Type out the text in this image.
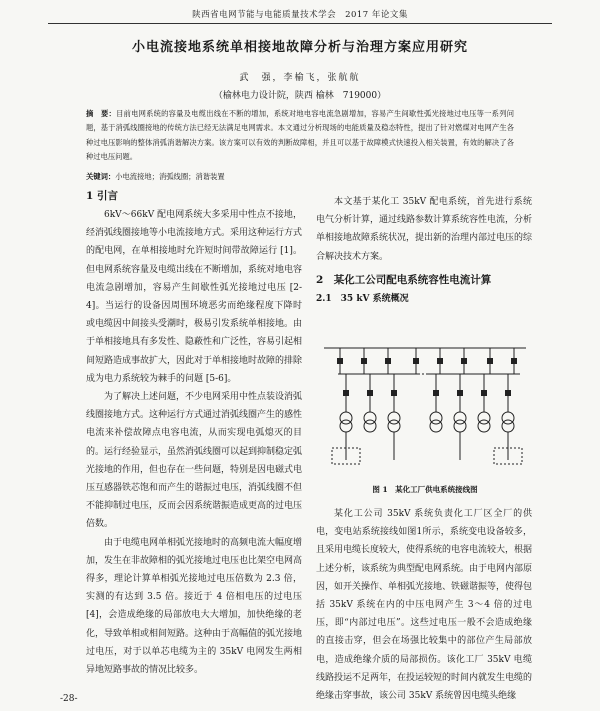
陕西省电网节能与电能质量技术学会　2017 年论文集
小电流接地系统单相接地故障分析与治理方案应用研究
武　强，李榆飞，张航航
（榆林电力设计院，陕西 榆林　719000）
摘　要：目前电网系统的容量及电缆出线在不断的增加，系统对地电容电流急剧增加，容易产生间歇性弧光接地过电压等一系列问题，基于消弧线圈接地的传统方法已经无法满足电网需求。本文通过分析现场的电能质量及稳态特性，提出了针对燃煤对电网产生各种过电压影响的整体消弧消谐解决方案。该方案可以有效的判断故障相，并且可以基于故障模式快速投入相关装置，有效的解决了各种过电压问题。
关键词：小电流接地；消弧线圈；消谐装置
1 引言

6kV～66kV 配电网系统大多采用中性点不接地，经消弧线圈接地等小电流接地方式。采用这种运行方式的配电网，在单相接地时允许短时间带故障运行 [1]。但电网系统容量及电缆出线在不断增加，系统对地电容电流急剧增加，容易产生间歇性弧光接地过电压 [2-4]。当运行的设备因周围环境恶劣而绝缘程度下降时或电缆因中间接头受潮时，极易引发系统单相接地。由于单相接地具有多发性、隐蔽性和广泛性，容易引起相间短路造成事故扩大，因此对于单相接地时故障的排除成为电力系统较为棘手的问题 [5-6]。

为了解决上述问题，不少电网采用中性点装设消弧线圈接地方式。这种运行方式通过消弧线圈产生的感性电流来补偿故障点电容电流，从而实现电弧熄灭的目的。运行经验显示，虽然消弧线圈可以起到抑制稳定弧光接地的作用，但也存在一些问题，特别是因电磁式电压互感器铁芯饱和而产生的谐振过电压，消弧线圈不但不能抑制过电压，反而会因系统谐振造成更高的过电压倍数。

由于电缆电网单相弧光接地时的高频电流大幅度增加，发生在非故障相的弧光接地过电压也比架空电网高得多，理论计算单相弧光接地过电压倍数为 2.3 倍，实测的有达到 3.5 倍。接近于 4 倍相电压的过电压 [4]，会造成绝缘的局部放电大大增加，加快绝缘的老化，导致单相或相间短路。这种由于高幅值的弧光接地过电压，对于以单芯电缆为主的 35kV 电网发生两相异地短路事故的情况比较多。

本文基于某化工 35kV 配电系统，首先进行系统电气分析计算，通过线路参数计算系统容性电流，分析单相接地故障系统状况，提出新的治理内部过电压的综合解决技术方案。

2　某化工公司配电系统容性电流计算
2.1　35 kV 系统概况
图 1　某化工厂供电系统接线图

某化工公司 35kV 系统负责化工厂区全厂的供电，变电站系统接线如图1所示，系统变电设备较多，且采用电缆长度较大，使得系统的电容电流较大，根据上述分析，该系统为典型配电网系统。由于电网内部原因，如开关操作、单相弧光接地、铁磁谐振等，使得包括 35kV 系统在内的中压电网产生 3～4 倍的过电压，即“内部过电压”。这些过电压一般不会造成绝缘的直接击穿，但会在场强比较集中的部位产生局部放电，造成绝缘介质的局部损伤。该化工厂 35kV 电缆线路投运不足两年，在投运较短的时间内就发生电缆的绝缘击穿事故，该公司 35kV 系统曾因电缆头绝缘

-28-
